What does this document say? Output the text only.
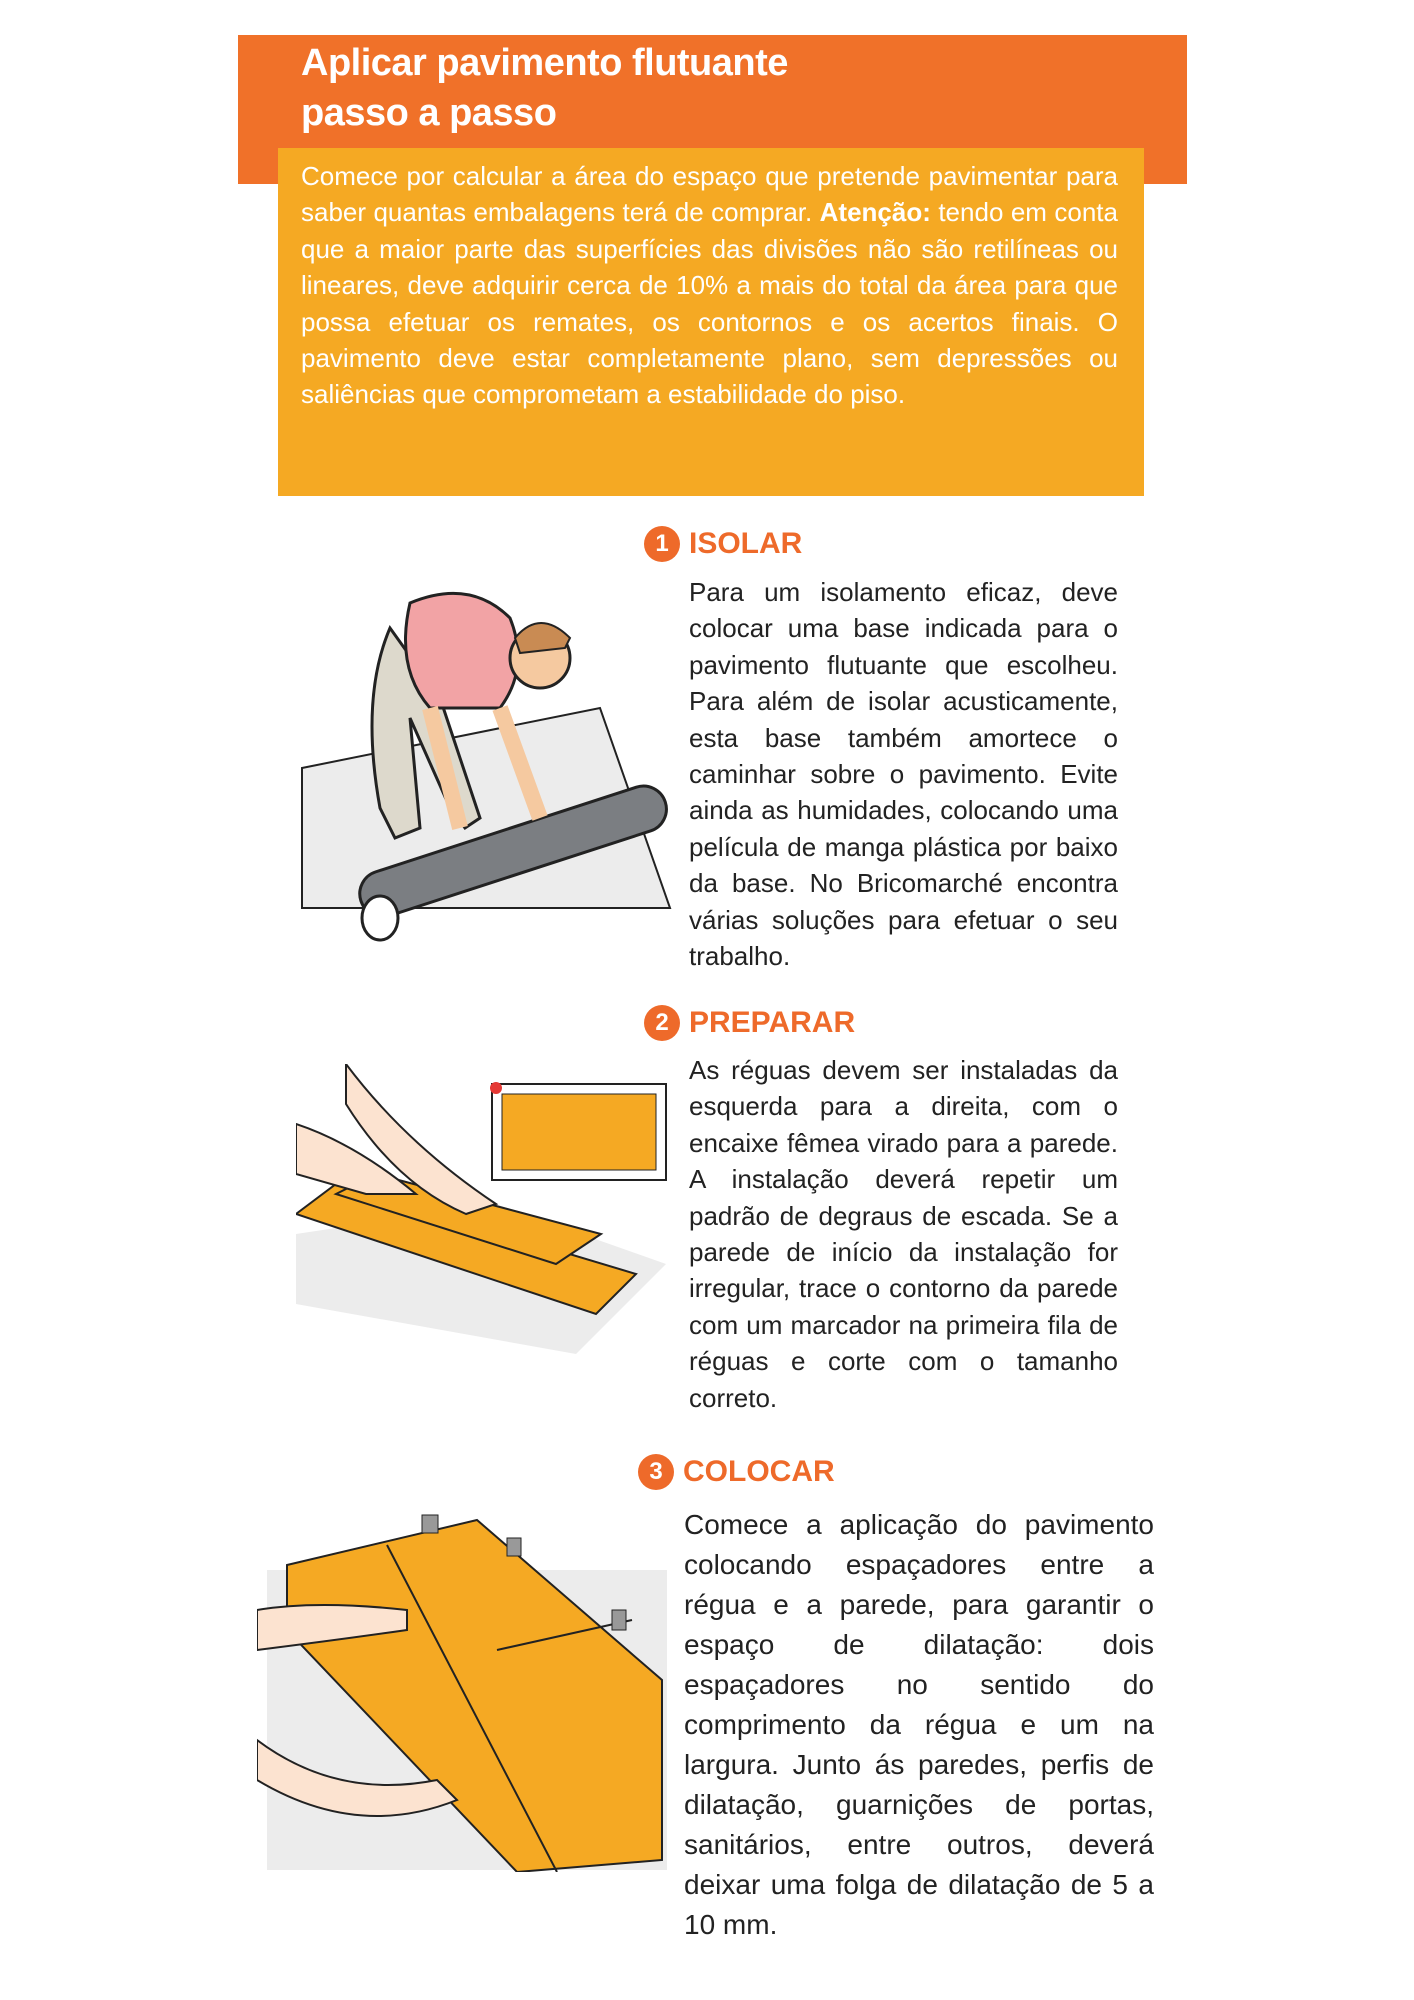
Aplicar pavimento flutuante
passo a passo
Comece por calcular a área do espaço que pretende pavimentar para saber quantas embalagens terá de comprar. Atenção: tendo em conta que a maior parte das superfícies das divisões não são retilíneas ou lineares, deve adquirir cerca de 10% a mais do total da área para que possa efetuar os remates, os contornos e os acertos finais. O pavimento deve estar completamente plano, sem depressões ou saliências que comprometam a estabilidade do piso.
1 ISOLAR
Para um isolamento eficaz, deve colocar uma base indicada para o pavimento flutuante que escolheu. Para além de isolar acusticamente, esta base também amortece o caminhar sobre o pavimento. Evite ainda as humidades, colocando uma película de manga plástica por baixo da base. No Bricomarché encontra várias soluções para efetuar o seu trabalho.
2 PREPARAR
As réguas devem ser instaladas da esquerda para a direita, com o encaixe fêmea virado para a parede. A instalação deverá repetir um padrão de degraus de escada. Se a parede de início da instalação for irregular, trace o contorno da parede com um marcador na primeira fila de réguas e corte com o tamanho correto.
3 COLOCAR
Comece a aplicação do pavimento colocando espaçadores entre a régua e a parede, para garantir o espaço de dilatação: dois espaçadores no sentido do comprimento da régua e um na largura. Junto ás paredes, perfis de dilatação, guarnições de portas, sanitários, entre outros, deverá deixar uma folga de dilatação de 5 a 10 mm.
